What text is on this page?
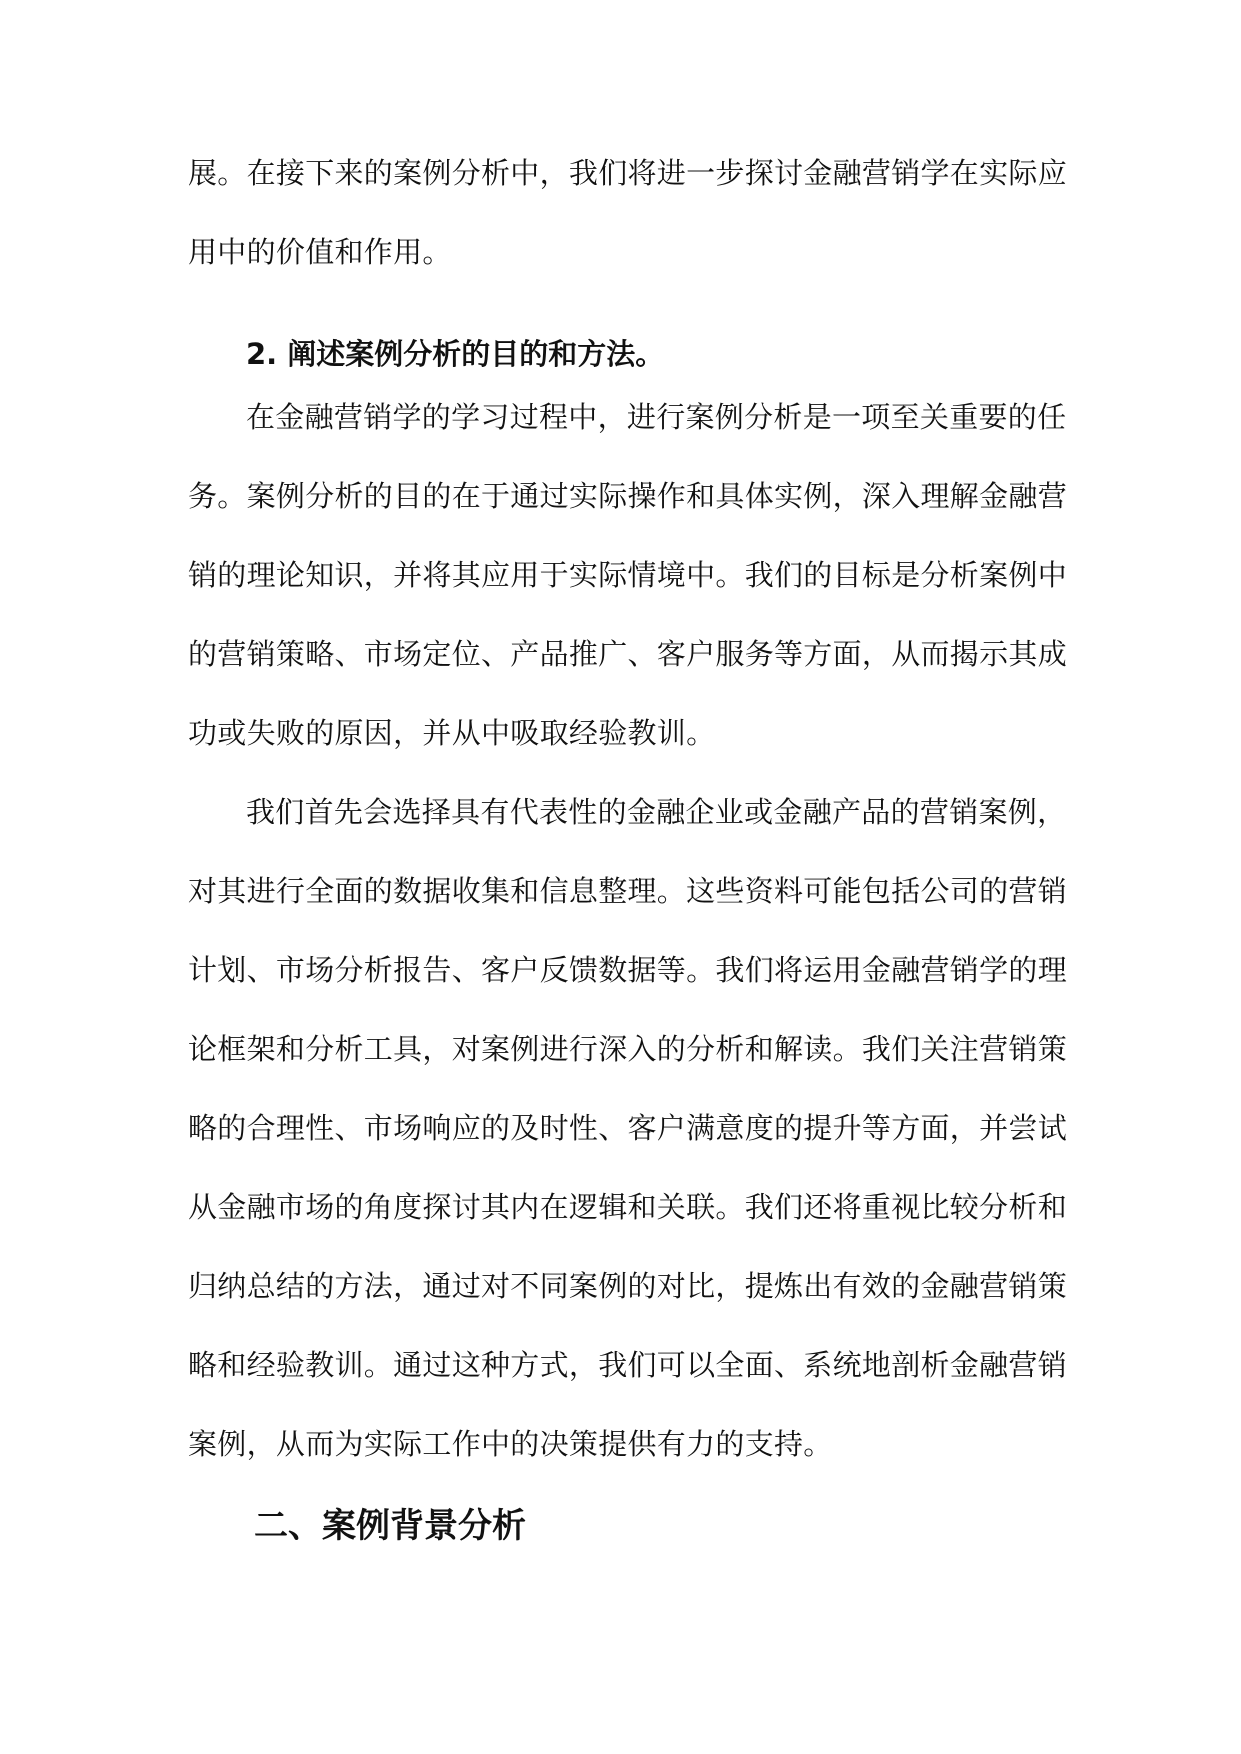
展。在接下来的案例分析中，我们将进一步探讨金融营销学在实际应
用中的价值和作用。
2. 阐述案例分析的目的和方法。
在金融营销学的学习过程中，进行案例分析是一项至关重要的任
务。案例分析的目的在于通过实际操作和具体实例，深入理解金融营
销的理论知识，并将其应用于实际情境中。我们的目标是分析案例中
的营销策略、市场定位、产品推广、客户服务等方面，从而揭示其成
功或失败的原因，并从中吸取经验教训。
我们首先会选择具有代表性的金融企业或金融产品的营销案例，
对其进行全面的数据收集和信息整理。这些资料可能包括公司的营销
计划、市场分析报告、客户反馈数据等。我们将运用金融营销学的理
论框架和分析工具，对案例进行深入的分析和解读。我们关注营销策
略的合理性、市场响应的及时性、客户满意度的提升等方面，并尝试
从金融市场的角度探讨其内在逻辑和关联。我们还将重视比较分析和
归纳总结的方法，通过对不同案例的对比，提炼出有效的金融营销策
略和经验教训。通过这种方式，我们可以全面、系统地剖析金融营销
案例，从而为实际工作中的决策提供有力的支持。
二、案例背景分析
